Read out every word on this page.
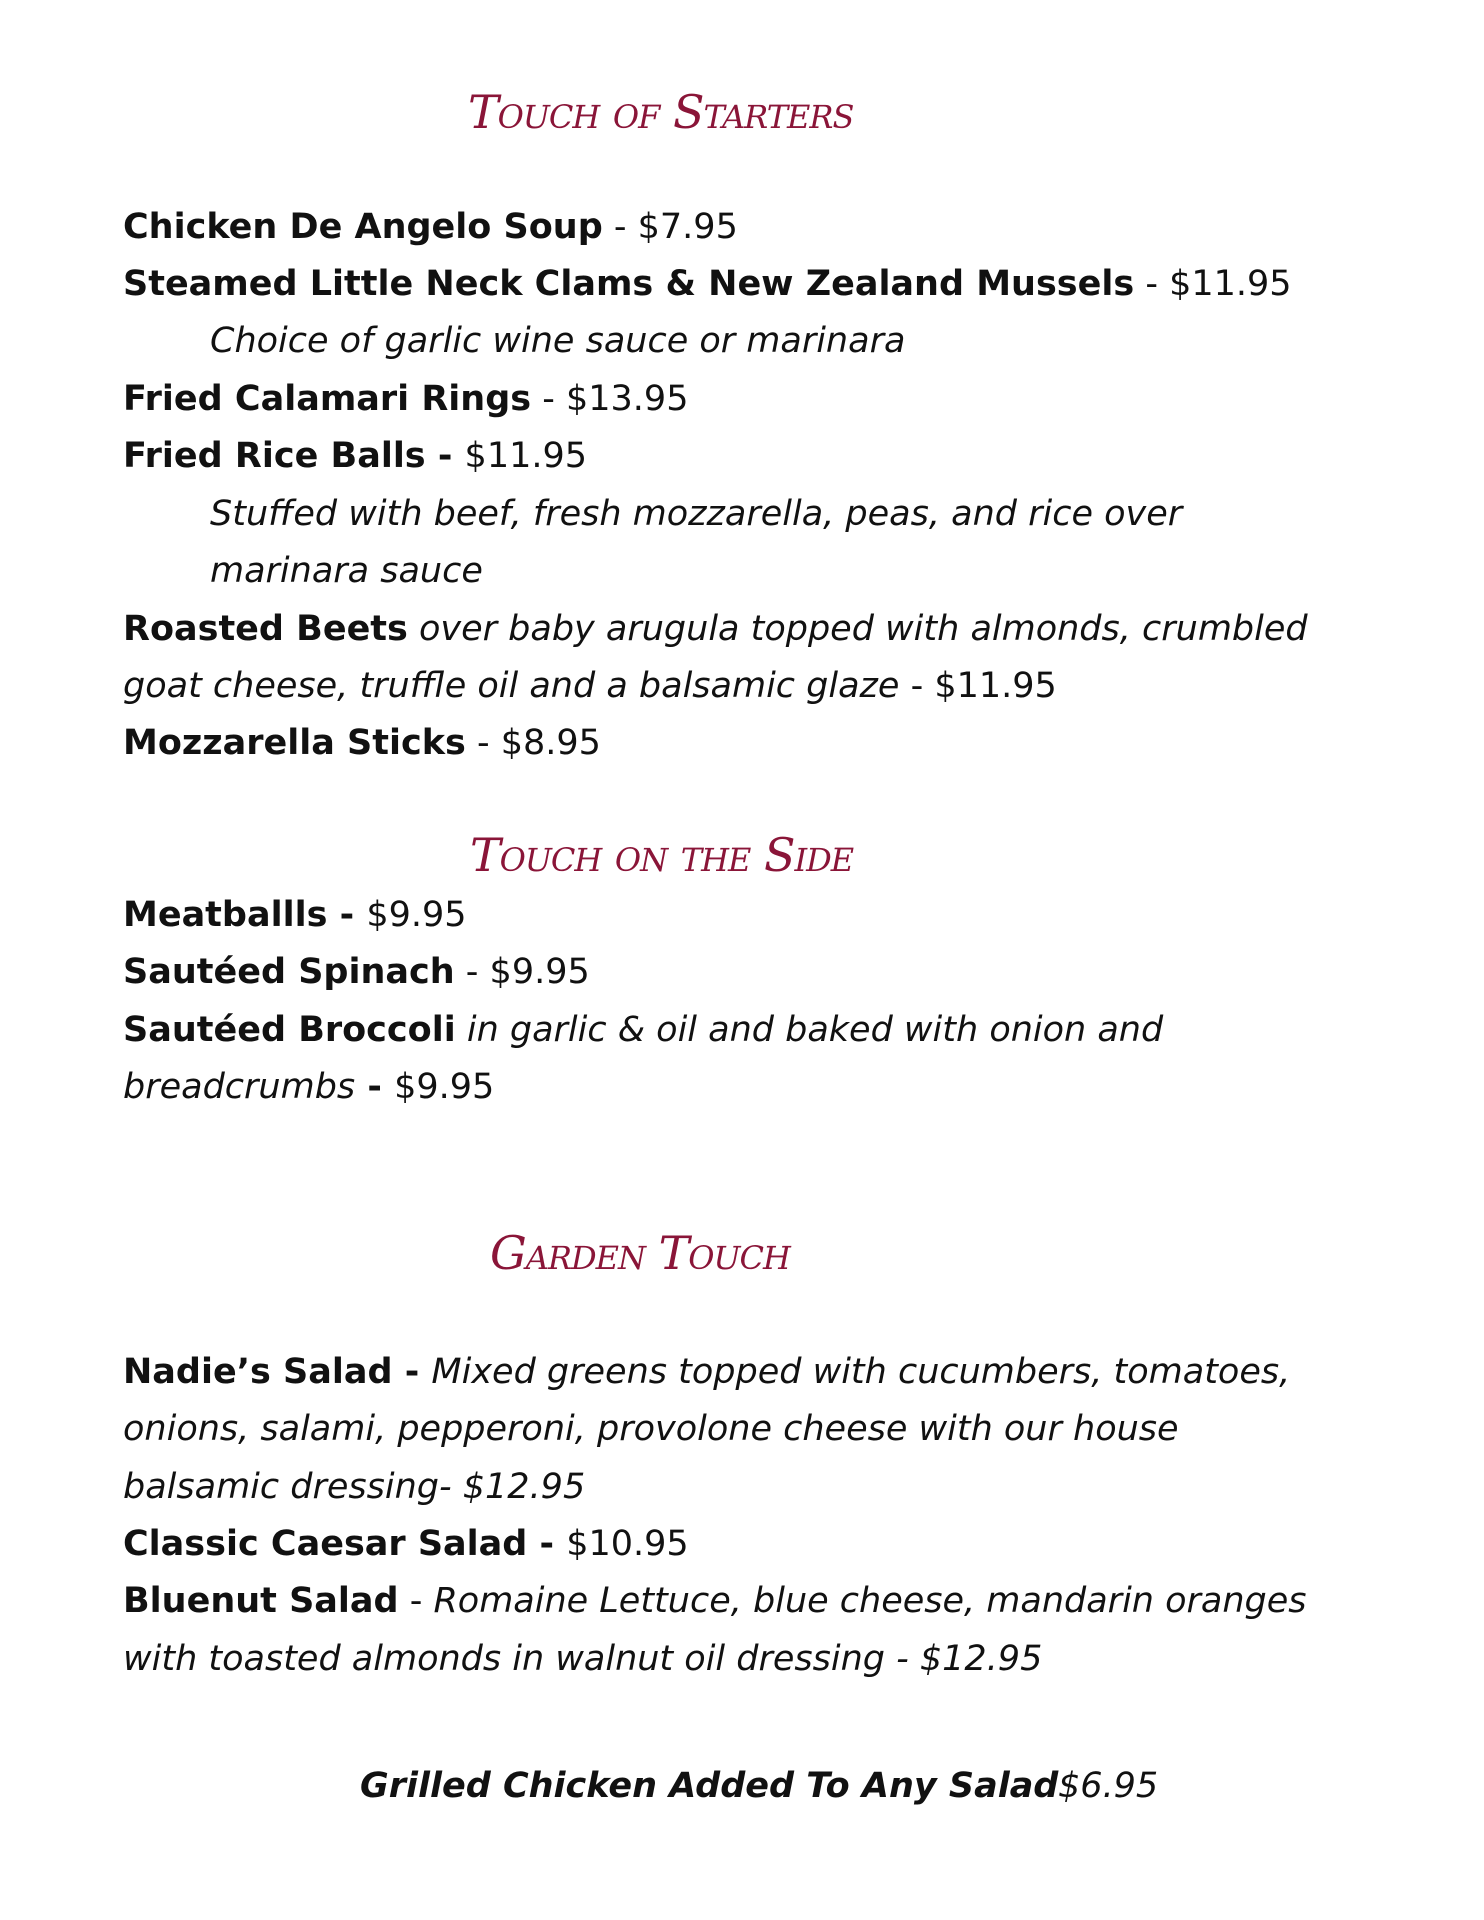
Touch of Starters
Chicken De Angelo Soup - $7.95
Steamed Little Neck Clams & New Zealand Mussels - $11.95
Choice of garlic wine sauce or marinara
Fried Calamari Rings - $13.95
Fried Rice Balls - $11.95
Stuffed with beef, fresh mozzarella, peas, and rice over
marinara sauce
Roasted Beets over baby arugula topped with almonds, crumbled
goat cheese, truffle oil and a balsamic glaze - $11.95
Mozzarella Sticks - $8.95
Touch on the Side
Meatballls - $9.95
Sautéed Spinach - $9.95
Sautéed Broccoli in garlic & oil and baked with onion and
breadcrumbs - $9.95
Garden Touch
Nadie’s Salad - Mixed greens topped with cucumbers, tomatoes,
onions, salami, pepperoni, provolone cheese with our house
balsamic dressing- $12.95
Classic Caesar Salad - $10.95
Bluenut Salad - Romaine Lettuce, blue cheese, mandarin oranges
with toasted almonds in walnut oil dressing - $12.95
Grilled Chicken Added To Any Salad $6.95
